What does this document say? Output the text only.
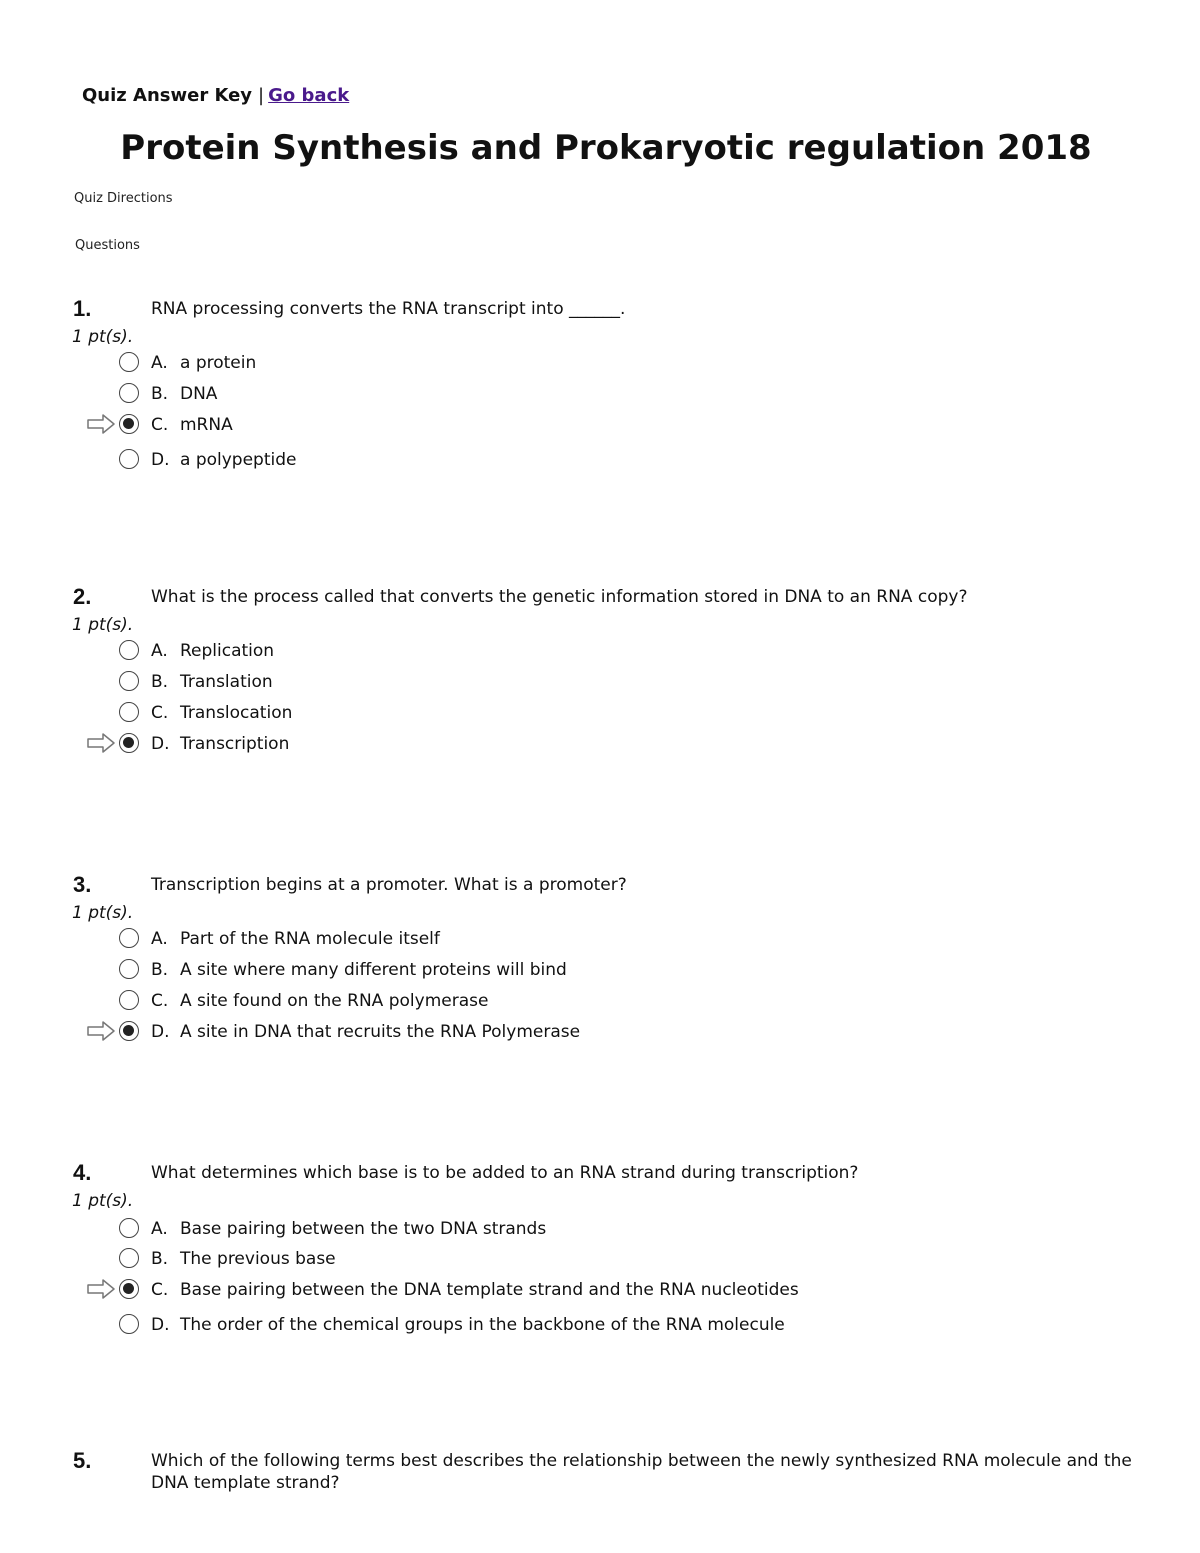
Quiz Answer Key | Go back
Protein Synthesis and Prokaryotic regulation 2018
Quiz Directions
Questions
1.	RNA processing converts the RNA transcript into ______.
1 pt(s).
A. a protein
B. DNA
C. mRNA
D. a polypeptide
2.	What is the process called that converts the genetic information stored in DNA to an RNA copy?
1 pt(s).
A. Replication
B. Translation
C. Translocation
D. Transcription
3.	Transcription begins at a promoter. What is a promoter?
1 pt(s).
A. Part of the RNA molecule itself
B. A site where many different proteins will bind
C. A site found on the RNA polymerase
D. A site in DNA that recruits the RNA Polymerase
4.	What determines which base is to be added to an RNA strand during transcription?
1 pt(s).
A. Base pairing between the two DNA strands
B. The previous base
C. Base pairing between the DNA template strand and the RNA nucleotides
D. The order of the chemical groups in the backbone of the RNA molecule
5.	Which of the following terms best describes the relationship between the newly synthesized RNA molecule and the DNA template strand?
